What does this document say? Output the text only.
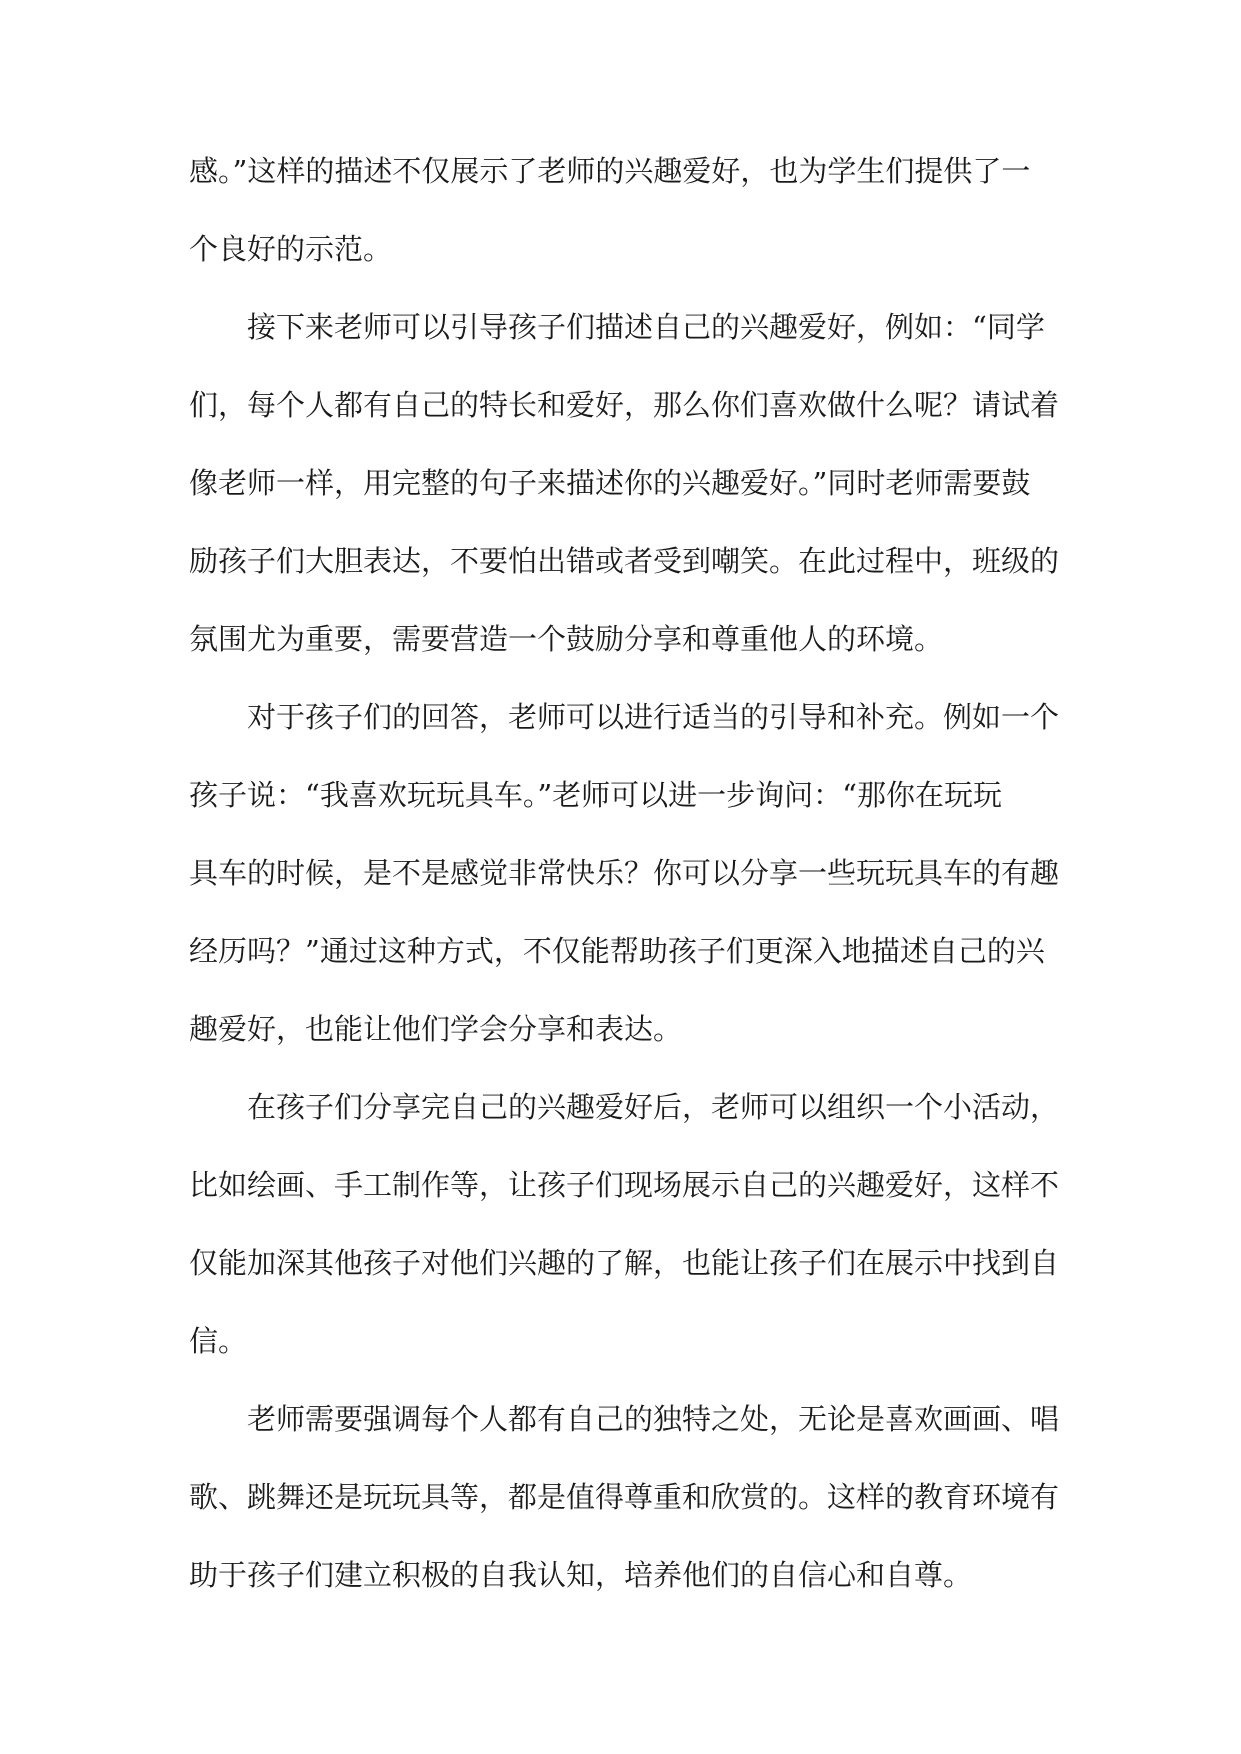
感。”这样的描述不仅展示了老师的兴趣爱好，也为学生们提供了一
个良好的示范。
接下来老师可以引导孩子们描述自己的兴趣爱好，例如：“同学
们，每个人都有自己的特长和爱好，那么你们喜欢做什么呢？请试着
像老师一样，用完整的句子来描述你的兴趣爱好。”同时老师需要鼓
励孩子们大胆表达，不要怕出错或者受到嘲笑。在此过程中，班级的
氛围尤为重要，需要营造一个鼓励分享和尊重他人的环境。
对于孩子们的回答，老师可以进行适当的引导和补充。例如一个
孩子说：“我喜欢玩玩具车。”老师可以进一步询问：“那你在玩玩
具车的时候，是不是感觉非常快乐？你可以分享一些玩玩具车的有趣
经历吗？”通过这种方式，不仅能帮助孩子们更深入地描述自己的兴
趣爱好，也能让他们学会分享和表达。
在孩子们分享完自己的兴趣爱好后，老师可以组织一个小活动，
比如绘画、手工制作等，让孩子们现场展示自己的兴趣爱好，这样不
仅能加深其他孩子对他们兴趣的了解，也能让孩子们在展示中找到自
信。
老师需要强调每个人都有自己的独特之处，无论是喜欢画画、唱
歌、跳舞还是玩玩具等，都是值得尊重和欣赏的。这样的教育环境有
助于孩子们建立积极的自我认知，培养他们的自信心和自尊。
